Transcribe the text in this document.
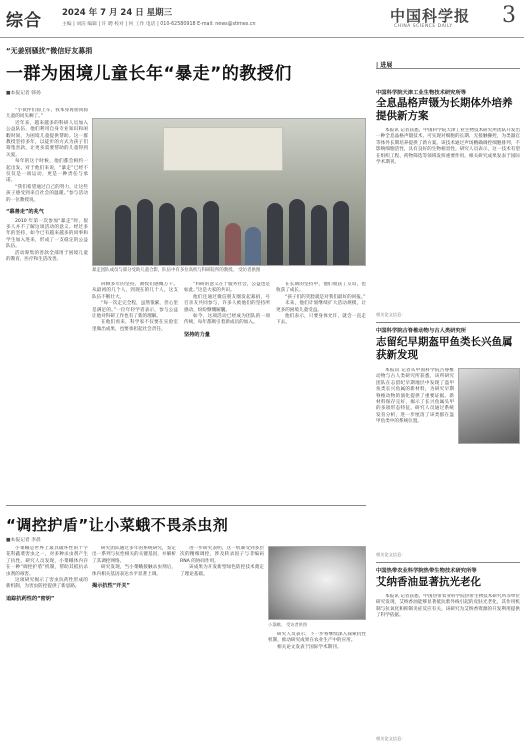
综合 2024 年 7 月 24 日 星期三
主编 | 刘洁 编辑 | 许 聘 校对 | 何 工作 电话 | 010-62580918 E-mail: news@stimes.cn	中国科学报
CHINA SCIENCE DAILY 3
“无姜别骚扰”微信好友募捐
一群为困境儿童长年“暴走”的教授们
■本报记者 韩扬

“小伙伴们骑上车，我本身再朋同骑儿童的同头啊了。”

近年来，越来越多的科研人员加入公益队伍，他们利用自身专业知识和闲暇时间，为困境儿童提供帮助。这一群教授坚持多年，以徒步的方式为孩子们筹集善款，让更多需要帮助的儿童得到关爱。

每年的这个时候，他们都会相约一起出发。对于他们来说，“暴走”已经不仅仅是一项运动，更是一种责任与承诺。

“我们希望通过自己的努力，让这些孩子感受到来自社会的温暖。”参与活动的一位教授说。

“慕善走”的兆气

2010 年第一次参加“暴走”时，很多人并不了解这项活动的意义。经过多年的坚持，如今已有越来越多的同事和学生加入进来，形成了一支稳定的公益队伍。

活动筹集的善款全部用于困境儿童的教育、医疗和生活改善。

暴走团队成员与部分受助儿童合影，队伍中有多位高校与科研院所的教授。 受访者供图

回顾多年的坚持，教授们感慨万千。从最初的几个人，到现在的几十人，这支队伍不断壮大。

“每一次走完全程，虽然很累，但心里是满足的。”一位年轻学者表示，参与公益让他对科研工作也有了新的理解。

在他们看来，科学家不仅要在实验室里做出成果，也要承担起社会责任。

“科研的意义在于服务社会，公益也是如此。”这是大家的共识。

他们还通过微信朋友圈发起募捐，号召亲友共同参与，许多人被他们的坚持所感动，纷纷慷慨解囊。

如今，这项活动已经成为团队的一项传统，每年都吸引着新成员的加入。

坚持的力量

在长期的坚持中，他们收获了友谊，也收获了成长。

“孩子们的笑脸就是对我们最好的回报。”

未来，他们计划继续扩大活动规模，让更多的困境儿童受益。

他们表示，只要身体允许，就会一直走下去。

“调控护盾”让小菜蛾不畏杀虫剂
■本报记者 李晨

小菜蛾是世界上最具破坏性的十字花科蔬菜害虫之一，对多种杀虫剂产生了抗性。研究人员发现，小菜蛾体内存在一种“调控护盾”机制，帮助其抵抗杀虫剂的毒害。

这项研究揭示了害虫抗药性形成的新机制，为害虫防控提供了新思路。

追踪抗药性的“密钥”

研究团队通过多年的系统研究，鉴定出一系列与抗性相关的关键基因，并解析了其调控网络。

研究发现，当小菜蛾接触杀虫剂后，体内相关基因表达水平显著上调。

揭示抗性“开关”

进一步研究表明，这一机制受到多层次的精细调控，涉及转录因子与非编码 RNA 的协同作用。

该成果为开发新型绿色防控技术奠定了理论基础。

小菜蛾。 受访者供图

研究人员表示，下一步将继续深入探索抗性机制，推动研究成果在农业生产中的应用。

相关论文发表于国际学术期刊。

| 进展
中国科学院天津工业生物技术研究所等
全息晶格声镊为长期体外培养提供新方案

本报讯 记者获悉，中国科学院天津工业生物技术研究所团队开发出一种全息晶格声镊技术，可实现对细胞的长期、无接触操控，为类器官等体外长期培养提供了新方案。该技术通过声场精确调控细胞排列，不影响细胞活性，具有良好的生物相容性。研究人员表示，这一技术有望在组织工程、药物筛选等领域发挥重要作用。相关研究成果发表于国际学术期刊。

相关论文信息：
中国科学院古脊椎动物与古人类研究所
志留纪早期盔甲鱼类长兴鱼属获新发现

本报讯 记者从中国科学院古脊椎动物与古人类研究所获悉，该所研究团队在志留纪早期地层中发现了盔甲鱼类长兴鱼属的新材料，为研究早期脊椎动物的演化提供了重要证据。新材料保存完好，揭示了长兴鱼属头甲的多项形态特征。研究人员通过系统发育分析，进一步厘清了该类群在盔甲鱼类中的系统位置。

相关论文信息：
中国热带农业科学院热带生物技术研究所等
艾纳香油显著抗光老化

本报讯 记者获悉，中国热带农业科学院热带生物技术研究所等单位研究发现，艾纳香油能够显著抵抗紫外线引起的皮肤光老化，其作用机制与抗氧化和抑制炎症反应有关。该研究为艾纳香资源的开发利用提供了科学依据。

相关论文信息：
